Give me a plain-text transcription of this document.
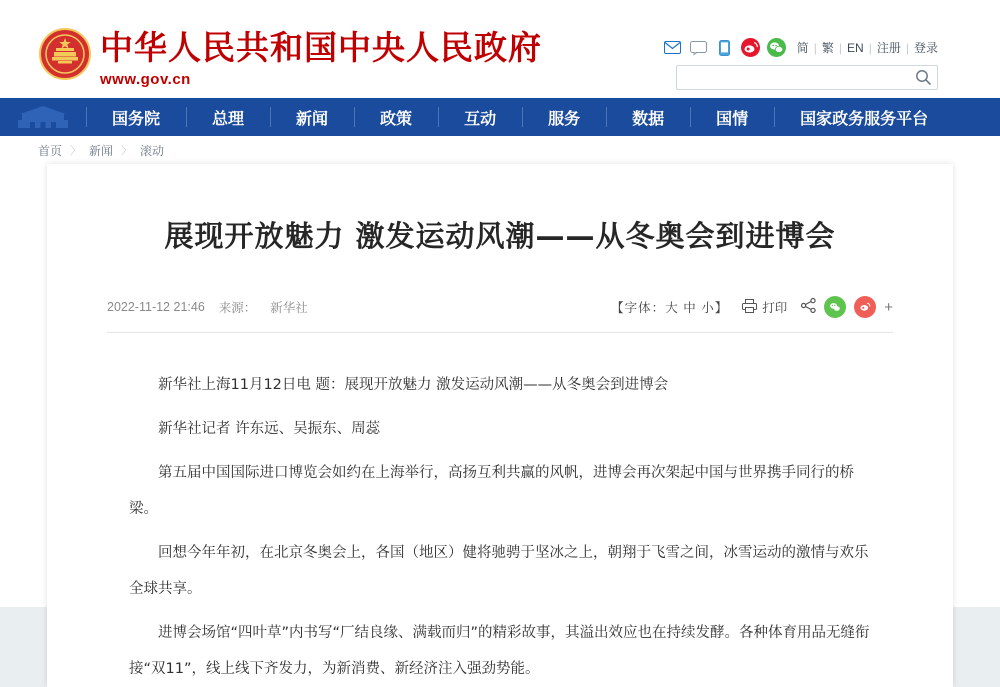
中华人民共和国中央人民政府
www.gov.cn
简 | 繁 | EN | 注册 | 登录
国务院	总理	新闻	政策	互动	服务	数据	国情	国家政务服务平台
首页 〉 新闻 〉 滚动
展现开放魅力 激发运动风潮——从冬奥会到进博会
2022-11-12 21:46 来源： 新华社	【字体：大 中 小】	打印	+

新华社上海11月12日电 题：展现开放魅力 激发运动风潮——从冬奥会到进博会

新华社记者 许东远、吴振东、周蕊

第五届中国国际进口博览会如约在上海举行，高扬互利共赢的风帆，进博会再次架起中国与世界携手同行的桥梁。

回想今年年初，在北京冬奥会上，各国（地区）健将驰骋于坚冰之上，朝翔于飞雪之间，冰雪运动的激情与欢乐全球共享。

进博会场馆“四叶草”内书写“厂结良缘、满载而归”的精彩故事，其溢出效应也在持续发酵。各种体育用品无缝衔接“双11”，线上线下齐发力，为新消费、新经济注入强劲势能。
